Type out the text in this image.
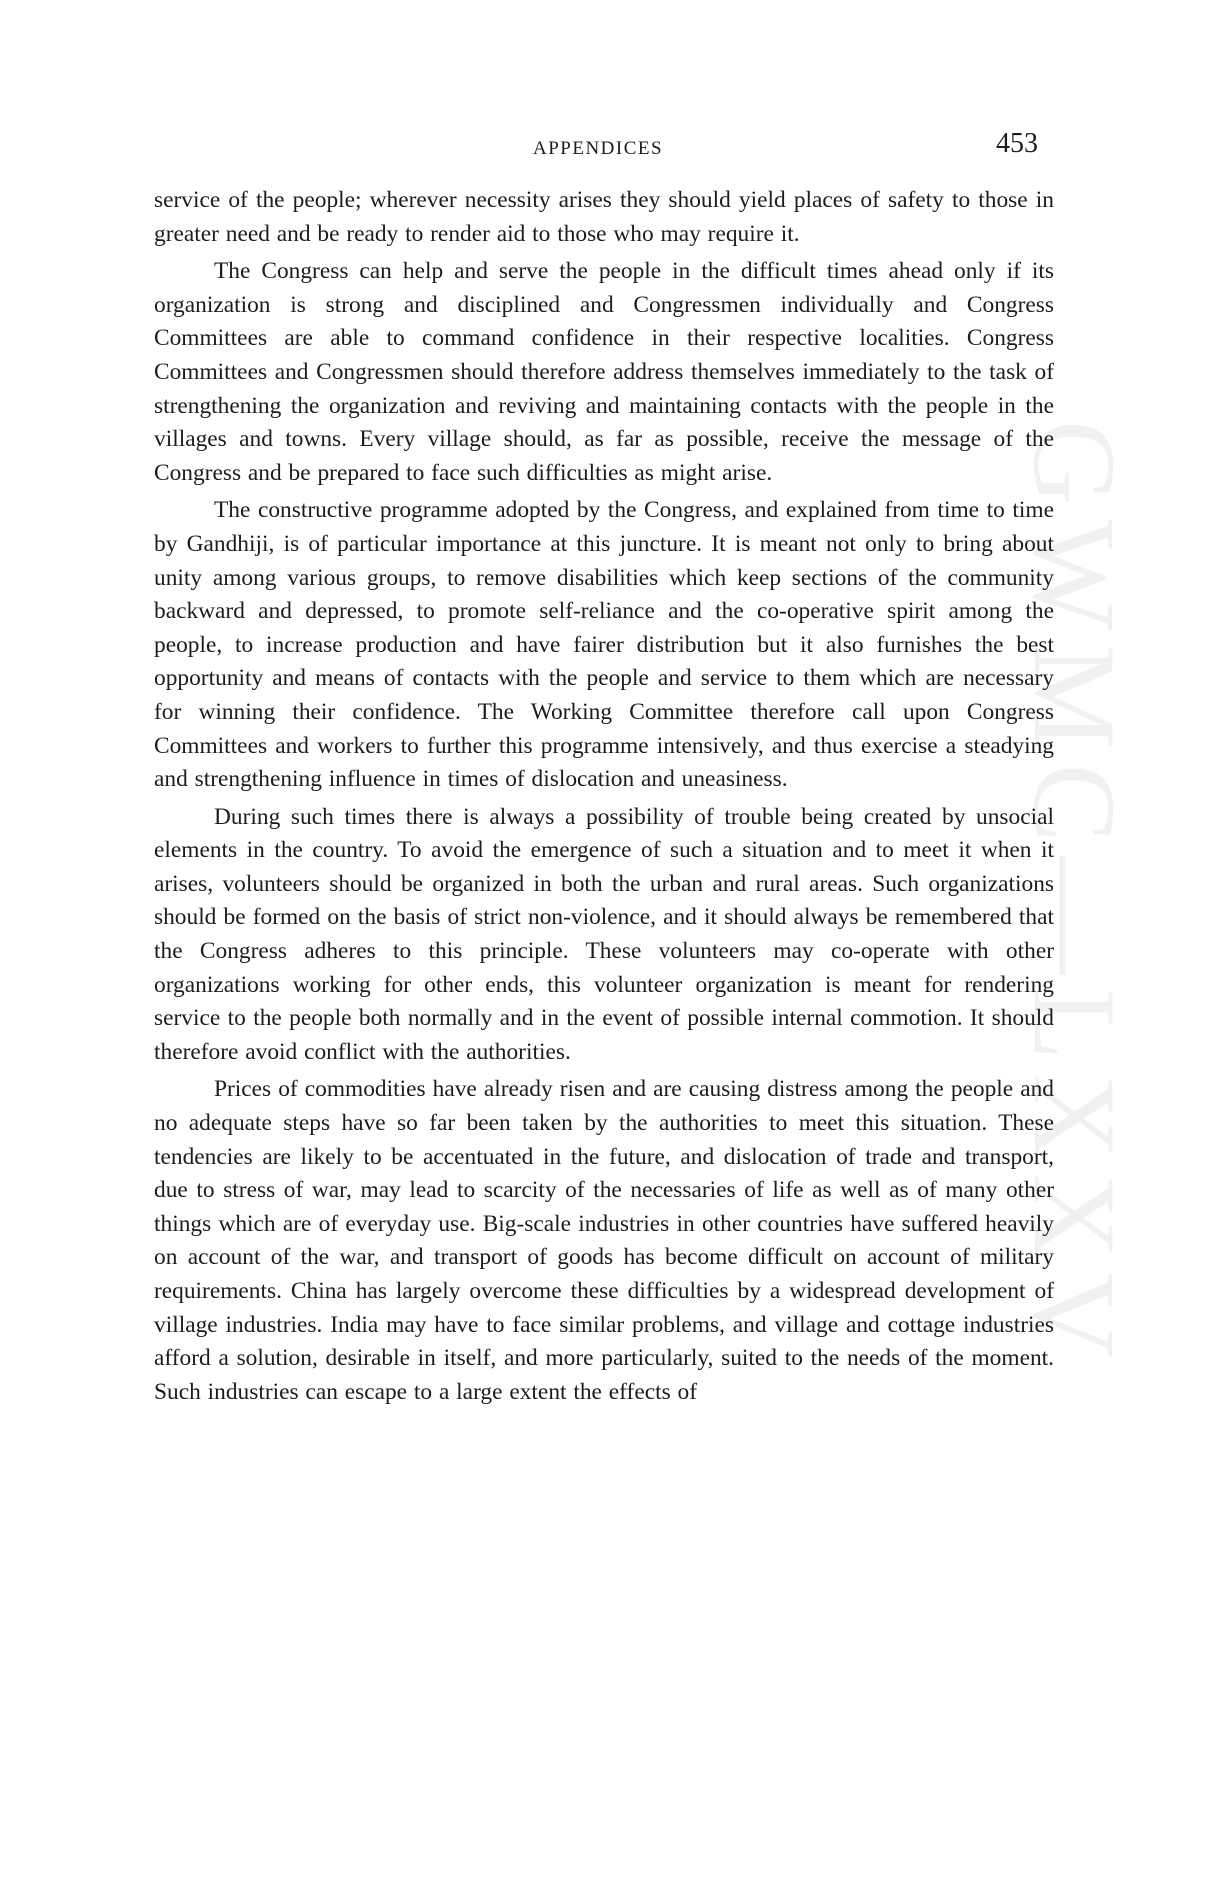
APPENDICES	453
GWMC—LXXV

service of the people; wherever necessity arises they should yield places of safety to those in greater need and be ready to render aid to those who may require it.

The Congress can help and serve the people in the difficult times ahead only if its organization is strong and disciplined and Congressmen individually and Congress Committees are able to command confidence in their respective localities. Congress Committees and Congressmen should therefore address themselves immediately to the task of strengthening the organization and reviving and maintaining contacts with the people in the villages and towns. Every village should, as far as possible, receive the message of the Congress and be prepared to face such difficulties as might arise.

The constructive programme adopted by the Congress, and explained from time to time by Gandhiji, is of particular importance at this juncture. It is meant not only to bring about unity among various groups, to remove disabilities which keep sections of the community backward and depressed, to promote self-reliance and the co-operative spirit among the people, to increase production and have fairer distribution but it also furnishes the best opportunity and means of contacts with the people and service to them which are necessary for winning their confidence. The Working Committee therefore call upon Congress Committees and workers to further this programme intensively, and thus exercise a steadying and strengthening influence in times of dislocation and uneasiness.

During such times there is always a possibility of trouble being created by unsocial elements in the country. To avoid the emergence of such a situation and to meet it when it arises, volunteers should be organized in both the urban and rural areas. Such organizations should be formed on the basis of strict non-violence, and it should always be remembered that the Congress adheres to this principle. These volunteers may co-operate with other organizations working for other ends, this volunteer organization is meant for rendering service to the people both normally and in the event of possible internal commotion. It should therefore avoid conflict with the authorities.

Prices of commodities have already risen and are causing distress among the people and no adequate steps have so far been taken by the authorities to meet this situation. These tendencies are likely to be accentuated in the future, and dislocation of trade and transport, due to stress of war, may lead to scarcity of the necessaries of life as well as of many other things which are of everyday use. Big-scale industries in other countries have suffered heavily on account of the war, and transport of goods has become difficult on account of military requirements. China has largely overcome these difficulties by a widespread development of village industries. India may have to face similar problems, and village and cottage industries afford a solution, desirable in itself, and more particularly, suited to the needs of the moment. Such industries can escape to a large extent the effects of
